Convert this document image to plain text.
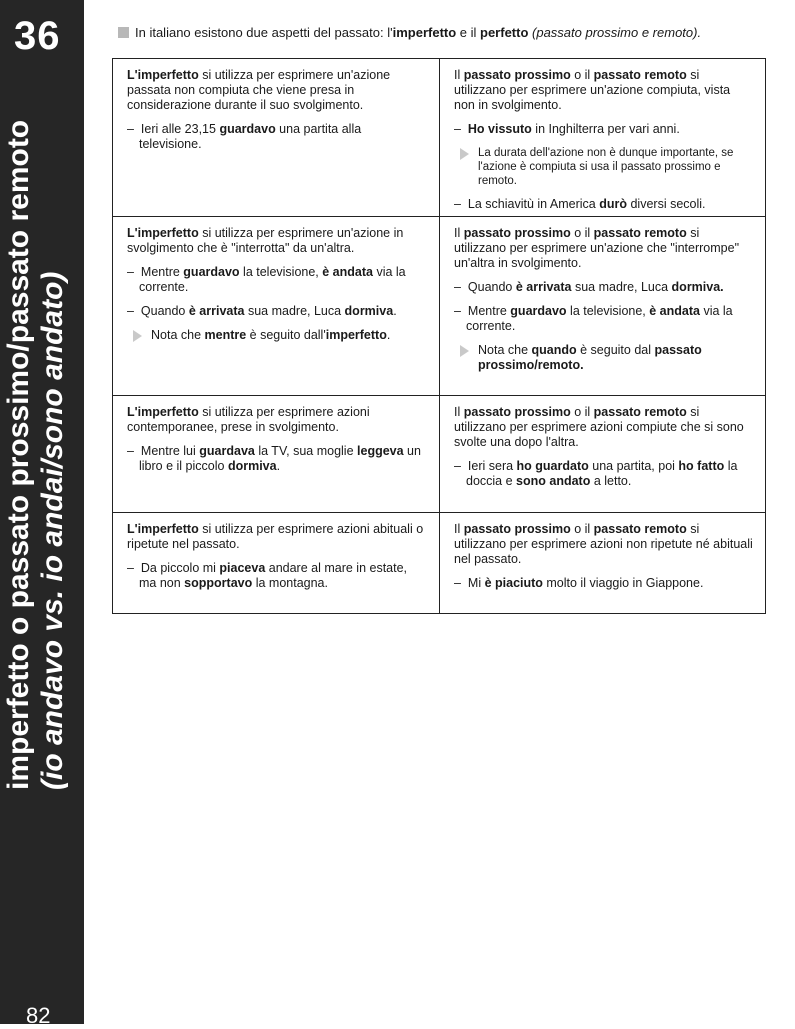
36
imperfetto o passato prossimo/passato remoto (io andavo vs. io andai/sono andato)
82
In italiano esistono due aspetti del passato: l'imperfetto e il perfetto (passato prossimo e remoto).

L'imperfetto si utilizza per esprimere un'azione passata non compiuta che viene presa in considerazione durante il suo svolgimento.

–  Ieri alle 23,15 guardavo una partita alla televisione.

Il passato prossimo o il passato remoto si utilizzano per esprimere un'azione compiuta, vista non in svolgimento.

–  Ho vissuto in Inghilterra per vari anni.

La durata dell'azione non è dunque importante, se l'azione è compiuta si usa il passato prossimo e remoto.

–  La schiavitù in America durò diversi secoli.

L'imperfetto si utilizza per esprimere un'azione in svolgimento che è "interrotta" da un'altra.

–  Mentre guardavo la televisione, è andata via la corrente.

–  Quando è arrivata sua madre, Luca dormiva.

Nota che mentre è seguito dall'imperfetto.

Il passato prossimo o il passato remoto si utilizzano per esprimere un'azione che "interrompe" un'altra in svolgimento.

–  Quando è arrivata sua madre, Luca dormiva.

–  Mentre guardavo la televisione, è andata via la corrente.

Nota che quando è seguito dal passato prossimo/remoto.

L'imperfetto si utilizza per esprimere azioni contemporanee, prese in svolgimento.

–  Mentre lui guardava la TV, sua moglie leggeva un libro e il piccolo dormiva.

Il passato prossimo o il passato remoto si utilizzano per esprimere azioni compiute che si sono svolte una dopo l'altra.

–  Ieri sera ho guardato una partita, poi ho fatto la doccia e sono andato a letto.

L'imperfetto si utilizza per esprimere azioni abituali o ripetute nel passato.

–  Da piccolo mi piaceva andare al mare in estate, ma non sopportavo la montagna.

Il passato prossimo o il passato remoto si utilizzano per esprimere azioni non ripetute né abituali nel passato.

–  Mi è piaciuto molto il viaggio in Giappone.
